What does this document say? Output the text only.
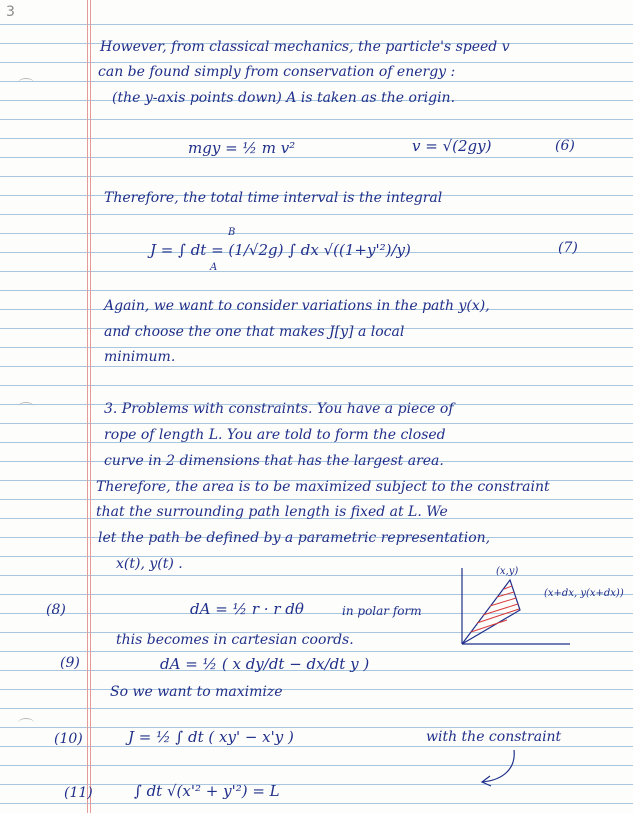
3
However, from classical mechanics, the particle's speed v
can be found simply from conservation of energy :
(the y-axis points down) A is taken as the origin.
mgy = ½ m v²	v = √(2gy)	(6)
Therefore, the total time interval is the integral
J = ∫ dt = (1/√2g) ∫ dx √((1+y'²)/y)
A
B
(7)
Again, we want to consider variations in the path y(x),
and choose the one that makes J[y] a local
minimum.
3. Problems with constraints. You have a piece of
rope of length L. You are told to form the closed
curve in 2 dimensions that has the largest area.
Therefore, the area is to be maximized subject to the constraint
that the surrounding path length is fixed at L. We
let the path be defined by a parametric representation,
x(t), y(t) .	(x,y)
(x+dx, y(x+dx))
(8)	dA = ½ r · r dθ	in polar form
this becomes in cartesian coords.
(9)	dA = ½ ( x dy/dt − dx/dt y )
So we want to maximize
(10)	J = ½ ∫ dt ( xy' − x'y )	with the constraint
(11)	∫ dt √(x'² + y'²) = L
